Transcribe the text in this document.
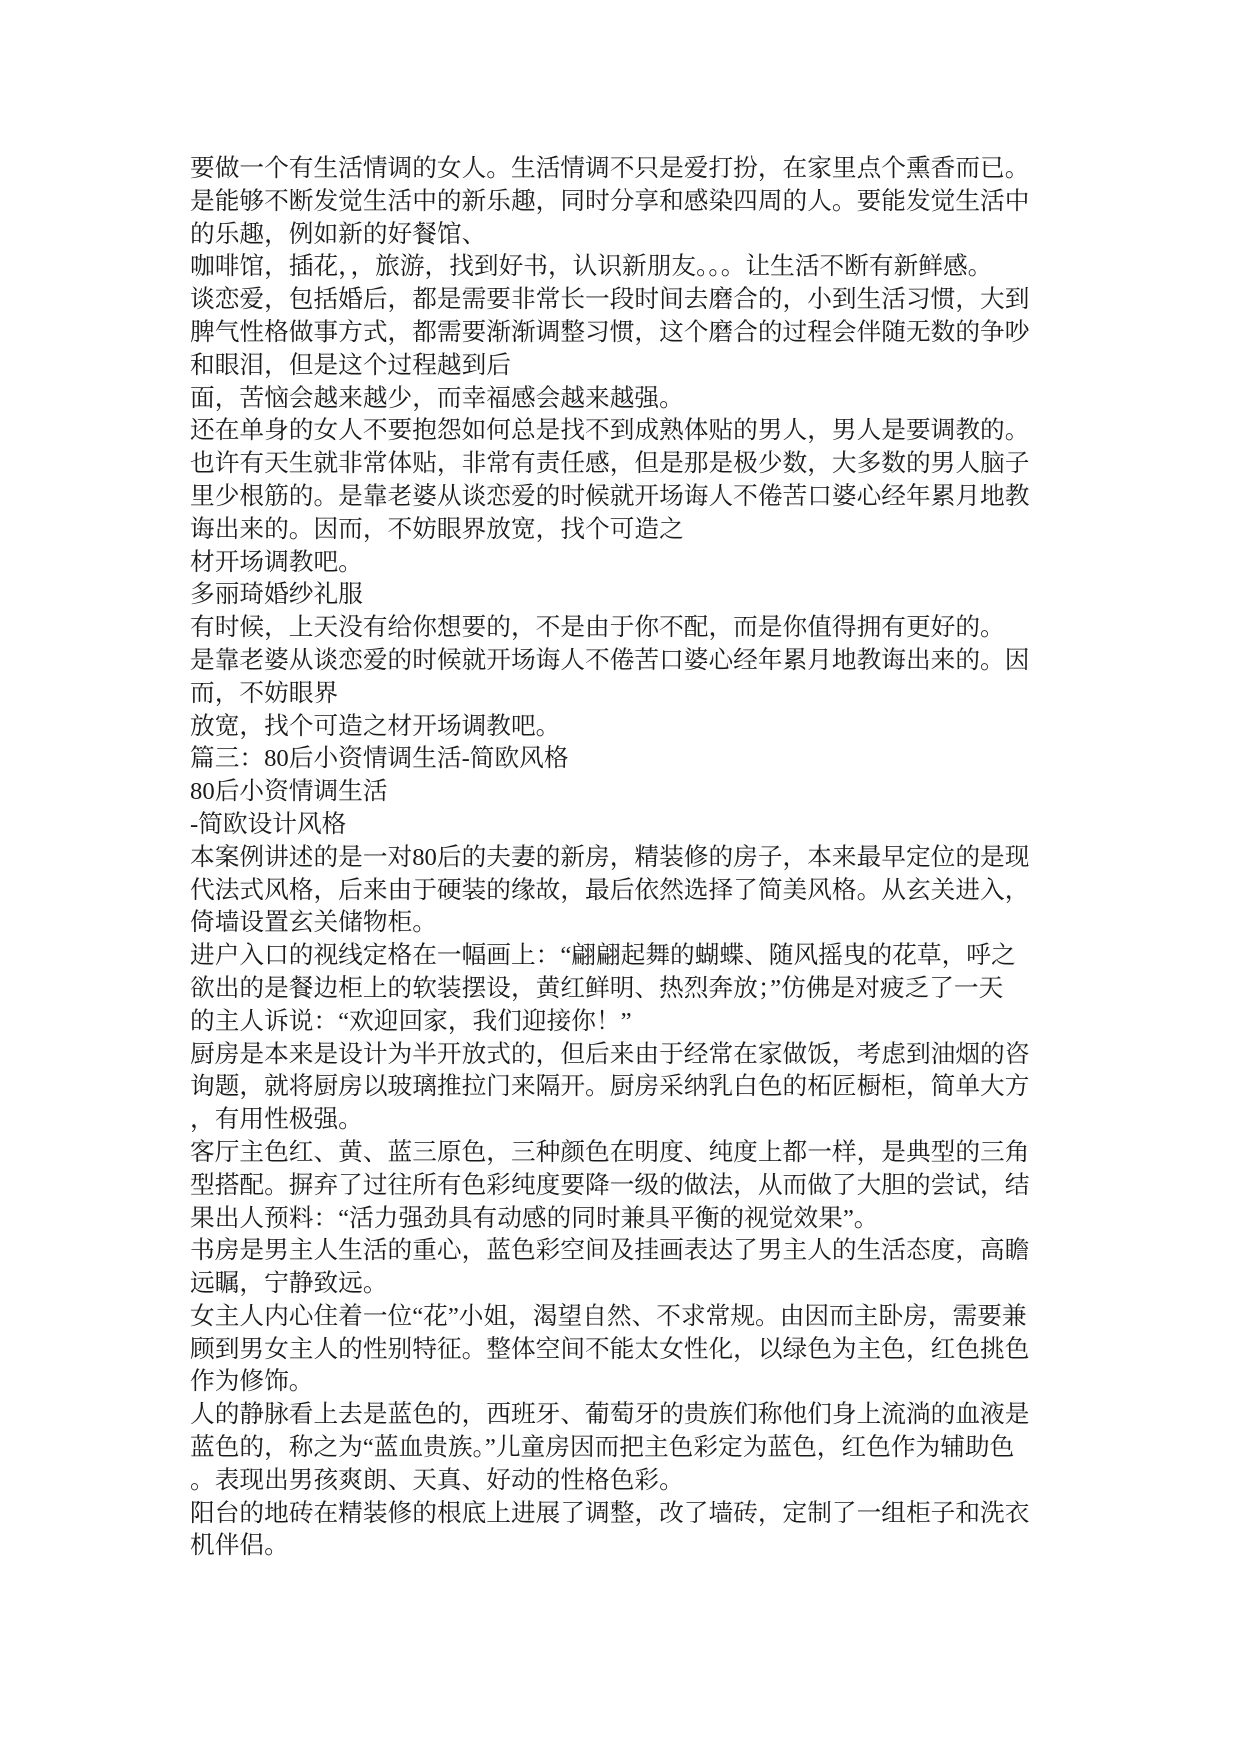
要做一个有生活情调的女人。生活情调不只是爱打扮，在家里点个熏香而已。
是能够不断发觉生活中的新乐趣，同时分享和感染四周的人。要能发觉生活中
的乐趣，例如新的好餐馆、
咖啡馆，插花，，旅游，找到好书，认识新朋友。。。让生活不断有新鲜感。
谈恋爱，包括婚后，都是需要非常长一段时间去磨合的，小到生活习惯，大到
脾气性格做事方式，都需要渐渐调整习惯，这个磨合的过程会伴随无数的争吵
和眼泪，但是这个过程越到后
面，苦恼会越来越少，而幸福感会越来越强。
还在单身的女人不要抱怨如何总是找不到成熟体贴的男人，男人是要调教的。
也许有天生就非常体贴，非常有责任感，但是那是极少数，大多数的男人脑子
里少根筋的。是靠老婆从谈恋爱的时候就开场诲人不倦苦口婆心经年累月地教
诲出来的。因而，不妨眼界放宽，找个可造之
材开场调教吧。
多丽琦婚纱礼服
有时候，上天没有给你想要的，不是由于你不配，而是你值得拥有更好的。
是靠老婆从谈恋爱的时候就开场诲人不倦苦口婆心经年累月地教诲出来的。因
而，不妨眼界
放宽，找个可造之材开场调教吧。
篇三：80后小资情调生活-简欧风格
80后小资情调生活
-简欧设计风格
本案例讲述的是一对80后的夫妻的新房，精装修的房子，本来最早定位的是现
代法式风格，后来由于硬装的缘故，最后依然选择了简美风格。从玄关进入，
倚墙设置玄关储物柜。
进户入口的视线定格在一幅画上：“翩翩起舞的蝴蝶、随风摇曳的花草，呼之
欲出的是餐边柜上的软装摆设，黄红鲜明、热烈奔放；”仿佛是对疲乏了一天
的主人诉说：“欢迎回家，我们迎接你！”
厨房是本来是设计为半开放式的，但后来由于经常在家做饭，考虑到油烟的咨
询题，就将厨房以玻璃推拉门来隔开。厨房采纳乳白色的柘匠橱柜，简单大方
，有用性极强。
客厅主色红、黄、蓝三原色，三种颜色在明度、纯度上都一样，是典型的三角
型搭配。摒弃了过往所有色彩纯度要降一级的做法，从而做了大胆的尝试，结
果出人预料：“活力强劲具有动感的同时兼具平衡的视觉效果”。
书房是男主人生活的重心，蓝色彩空间及挂画表达了男主人的生活态度，高瞻
远瞩，宁静致远。
女主人内心住着一位“花”小姐，渴望自然、不求常规。由因而主卧房，需要兼
顾到男女主人的性别特征。整体空间不能太女性化，以绿色为主色，红色挑色
作为修饰。
人的静脉看上去是蓝色的，西班牙、葡萄牙的贵族们称他们身上流淌的血液是
蓝色的，称之为“蓝血贵族。”儿童房因而把主色彩定为蓝色，红色作为辅助色
。表现出男孩爽朗、天真、好动的性格色彩。
阳台的地砖在精装修的根底上进展了调整，改了墙砖，定制了一组柜子和洗衣
机伴侣。
